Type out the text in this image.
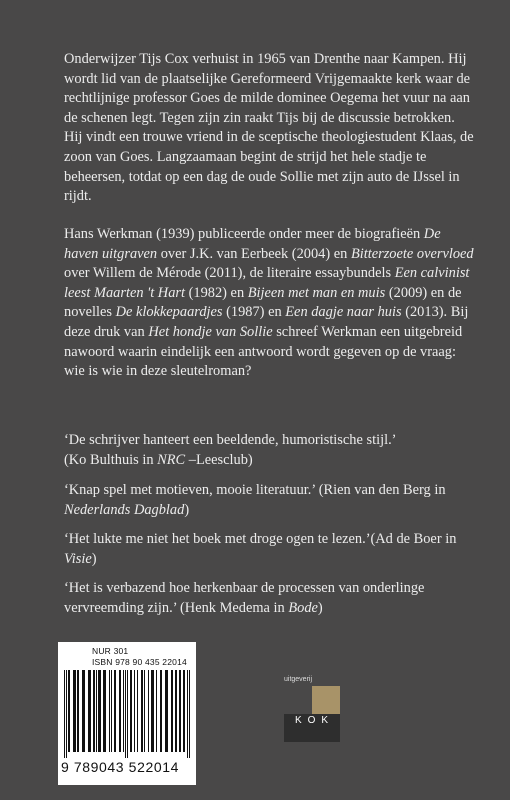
Onderwijzer Tijs Cox verhuist in 1965 van Drenthe naar Kampen. Hij wordt lid van de plaatselijke Gereformeerd Vrijgemaakte kerk waar de rechtlijnige professor Goes de milde dominee Oegema het vuur na aan de schenen legt. Tegen zijn zin raakt Tijs bij de discussie betrokken. Hij vindt een trouwe vriend in de sceptische theologiestudent Klaas, de zoon van Goes. Langzaamaan begint de strijd het hele stadje te beheersen, totdat op een dag de oude Sollie met zijn auto de IJssel in rijdt.

Hans Werkman (1939) publiceerde onder meer de biografieën De haven uitgraven over J.K. van Eerbeek (2004) en Bitterzoete overvloed over Willem de Mérode (2011), de literaire essaybundels Een calvinist leest Maarten 't Hart (1982) en Bijeen met man en muis (2009) en de novelles De klokkepaardjes (1987) en Een dagje naar huis (2013). Bij deze druk van Het hondje van Sollie schreef Werkman een uitgebreid nawoord waarin eindelijk een antwoord wordt gegeven op de vraag: wie is wie in deze sleutelroman?

‘De schrijver hanteert een beeldende, humoristische stijl.’
(Ko Bulthuis in NRC –Leesclub)

‘Knap spel met motieven, mooie literatuur.’ (Rien van den Berg in Nederlands Dagblad)

‘Het lukte me niet het boek met droge ogen te lezen.’(Ad de Boer in Visie)

‘Het is verbazend hoe herkenbaar de processen van onderlinge vervreemding zijn.’ (Henk Medema in Bode)

NUR 301
ISBN 978 90 435 22014
9 789043 522014
uitgeverij
KOK
